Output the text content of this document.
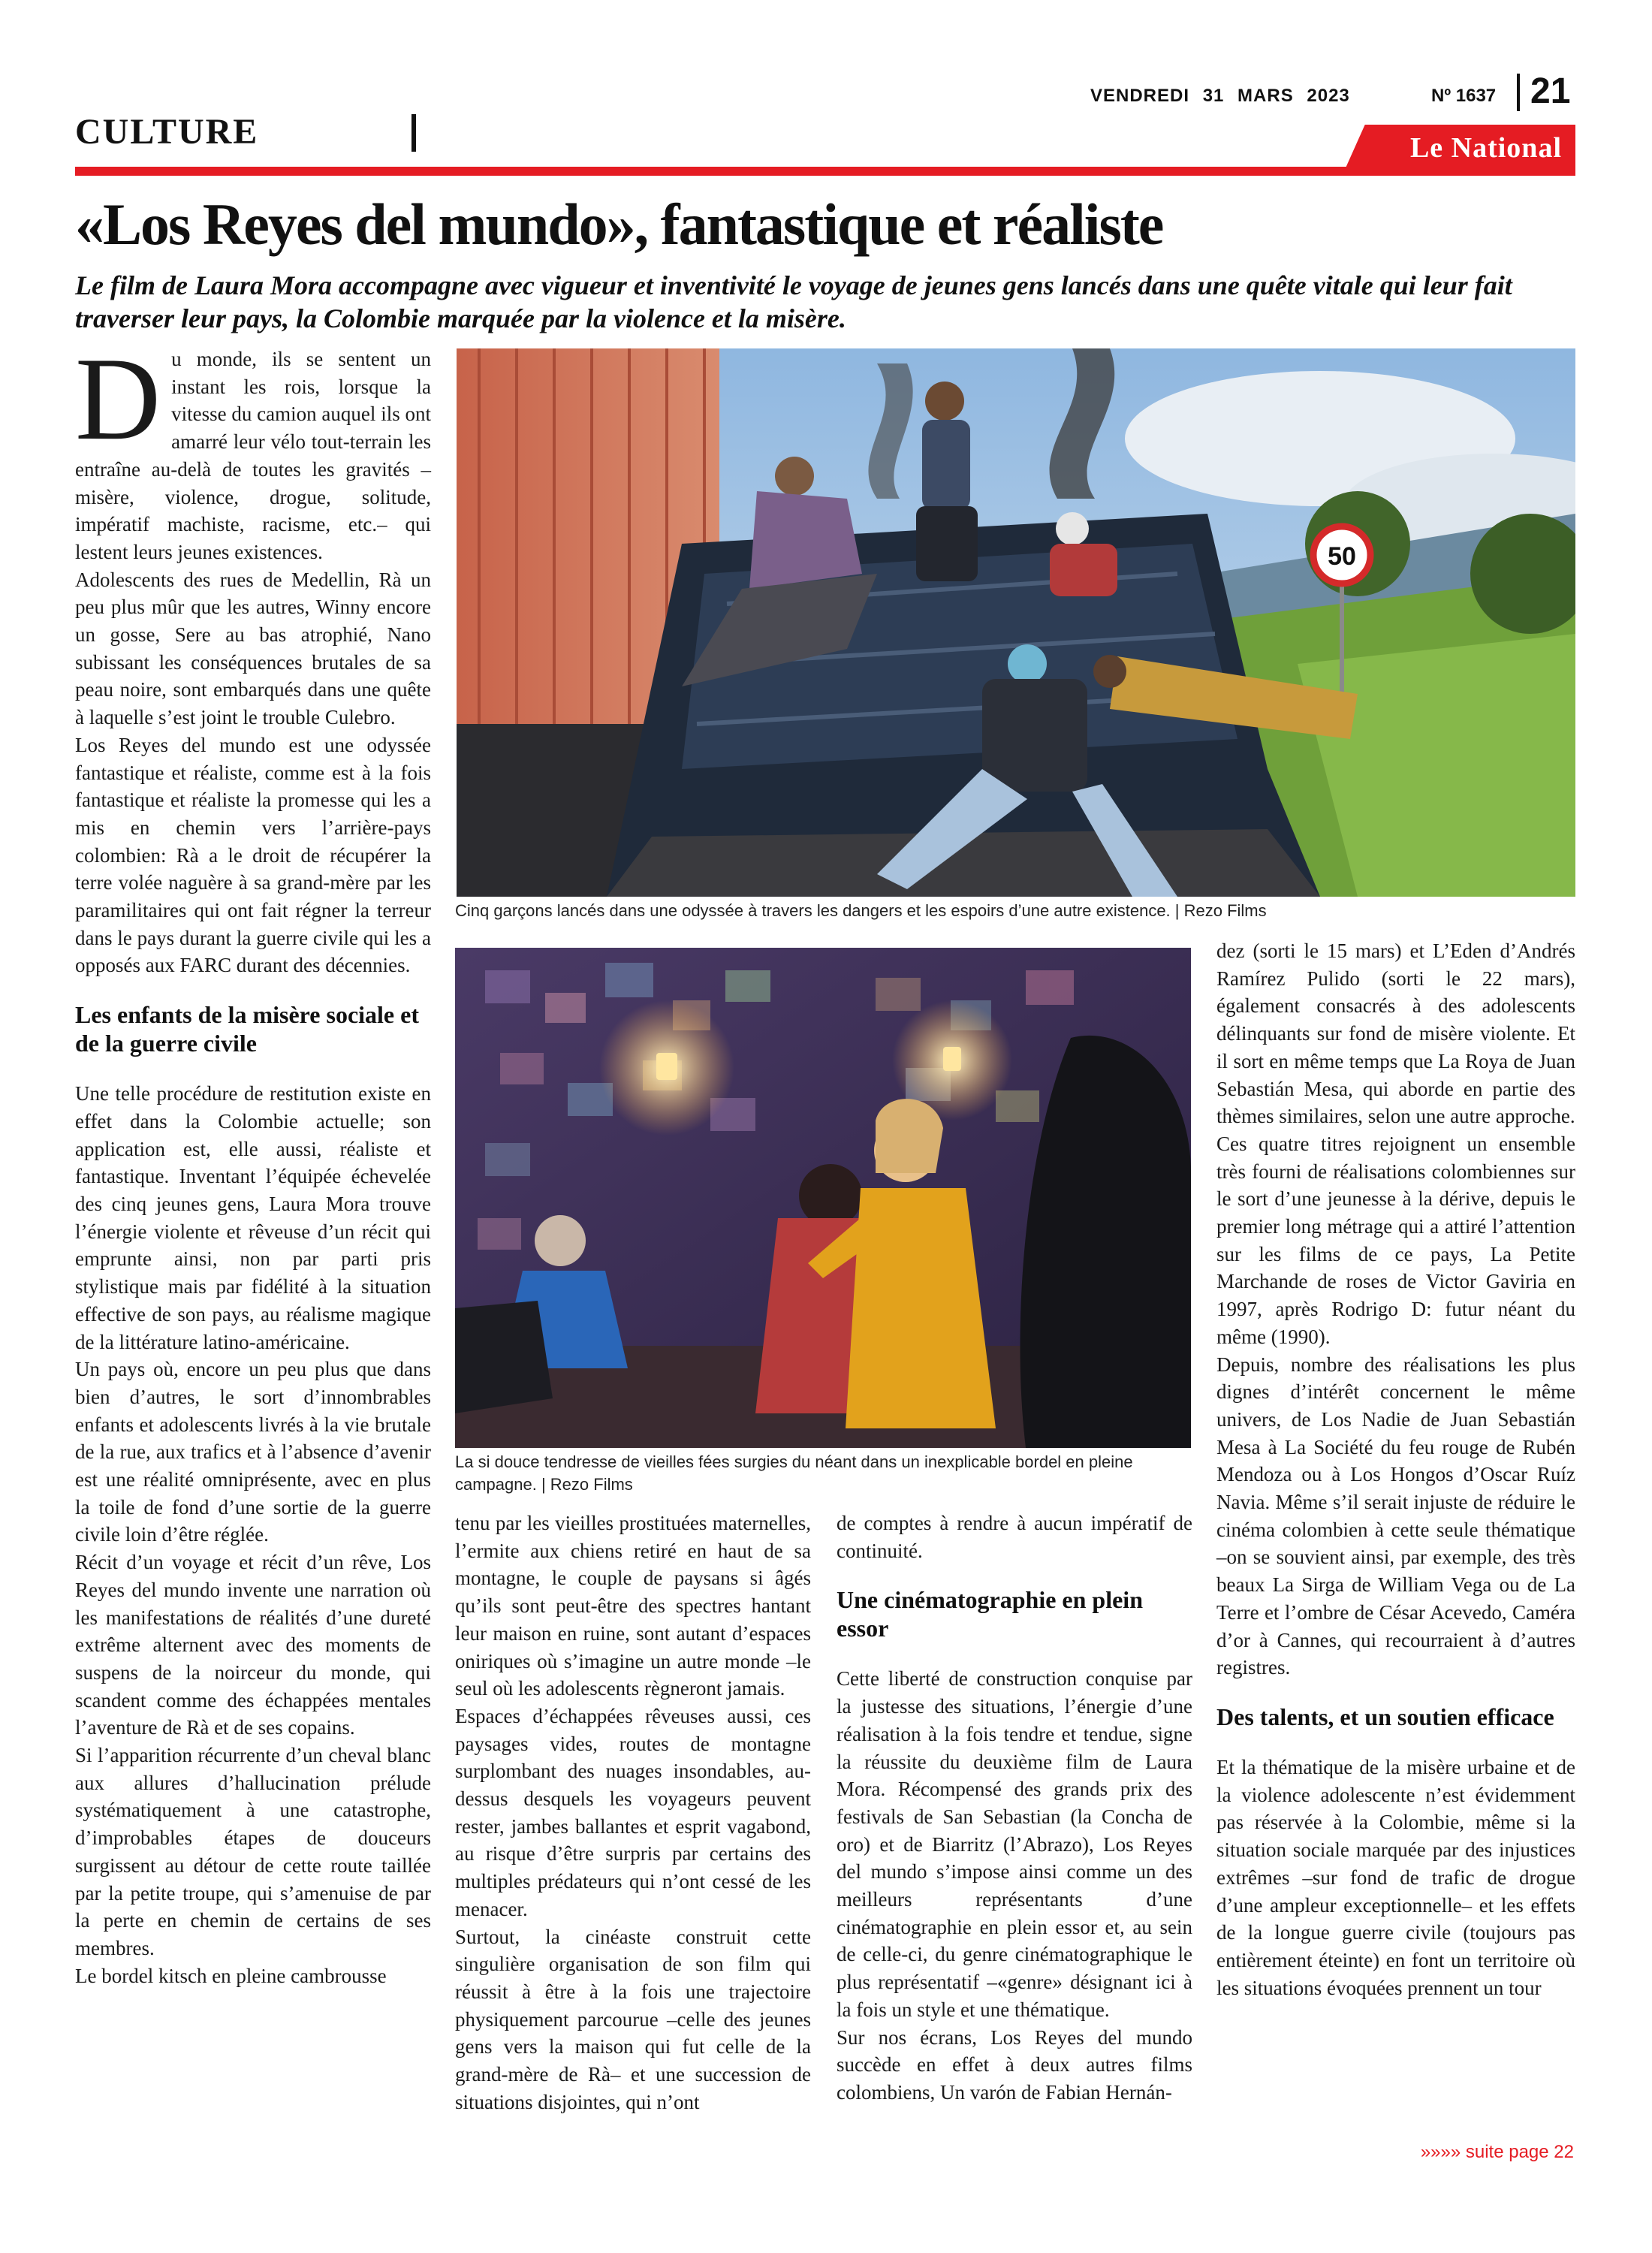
CULTURE
VENDREDI 31 MARS 2023	Nº 1637 21
Le National
«Los Reyes del mundo», fantastique et réaliste
Le film de Laura Mora accompagne avec vigueur et inventivité le voyage de jeunes gens lancés dans une quête vitale qui leur fait traverser leur pays, la Colombie marquée par la violence et la misère.

Du monde, ils se sentent un instant les rois, lorsque la vitesse du camion auquel ils ont amarré leur vélo tout-terrain les entraîne au-delà de toutes les gravités –misère, violence, drogue, solitude, impératif machiste, racisme, etc.– qui lestent leurs jeunes existences.

Adolescents des rues de Medellin, Rà un peu plus mûr que les autres, Winny encore un gosse, Sere au bas atrophié, Nano subissant les conséquences brutales de sa peau noire, sont embarqués dans une quête à laquelle s’est joint le trouble Culebro.

Los Reyes del mundo est une odyssée fantastique et réaliste, comme est à la fois fantastique et réaliste la promesse qui les a mis en chemin vers l’arrière-pays colombien: Rà a le droit de récupérer la terre volée naguère à sa grand-mère par les paramilitaires qui ont fait régner la terreur dans le pays durant la guerre civile qui les a opposés aux FARC durant des décennies.

Les enfants de la misère sociale et de la guerre civile

Une telle procédure de restitution existe en effet dans la Colombie actuelle; son application est, elle aussi, réaliste et fantastique. Inventant l’équipée échevelée des cinq jeunes gens, Laura Mora trouve l’énergie violente et rêveuse d’un récit qui emprunte ainsi, non par parti pris stylistique mais par fidélité à la situation effective de son pays, au réalisme magique de la littérature latino-américaine.

Un pays où, encore un peu plus que dans bien d’autres, le sort d’innombrables enfants et adolescents livrés à la vie brutale de la rue, aux trafics et à l’absence d’avenir est une réalité omniprésente, avec en plus la toile de fond d’une sortie de la guerre civile loin d’être réglée.

Récit d’un voyage et récit d’un rêve, Los Reyes del mundo invente une narration où les manifestations de réalités d’une dureté extrême alternent avec des moments de suspens de la noirceur du monde, qui scandent comme des échappées mentales l’aventure de Rà et de ses copains.

Si l’apparition récurrente d’un cheval blanc aux allures d’hallucination prélude systématiquement à une catastrophe, d’improbables étapes de douceurs surgissent au détour de cette route taillée par la petite troupe, qui s’amenuise de par la perte en chemin de certains de ses membres.

Le bordel kitsch en pleine cambrousse

50
Cinq garçons lancés dans une odyssée à travers les dangers et les espoirs d’une autre existence. | Rezo Films
La si douce tendresse de vieilles fées surgies du néant dans un inexplicable bordel en pleine campagne. | Rezo Films

tenu par les vieilles prostituées maternelles, l’ermite aux chiens retiré en haut de sa montagne, le couple de paysans si âgés qu’ils sont peut-être des spectres hantant leur maison en ruine, sont autant d’espaces oniriques où s’imagine un autre monde –le seul où les adolescents règneront jamais.

Espaces d’échappées rêveuses aussi, ces paysages vides, routes de montagne surplombant des nuages insondables, au-dessus desquels les voyageurs peuvent rester, jambes ballantes et esprit vagabond, au risque d’être surpris par certains des multiples prédateurs qui n’ont cessé de les menacer.

Surtout, la cinéaste construit cette singulière organisation de son film qui réussit à être à la fois une trajectoire physiquement parcourue –celle des jeunes gens vers la maison qui fut celle de la grand-mère de Rà– et une succession de situations disjointes, qui n’ont

de comptes à rendre à aucun impératif de continuité.

Une cinématographie en plein essor

Cette liberté de construction conquise par la justesse des situations, l’énergie d’une réalisation à la fois tendre et tendue, signe la réussite du deuxième film de Laura Mora. Récompensé des grands prix des festivals de San Sebastian (la Concha de oro) et de Biarritz (l’Abrazo), Los Reyes del mundo s’impose ainsi comme un des meilleurs représentants d’une cinématographie en plein essor et, au sein de celle-ci, du genre cinématographique le plus représentatif –«genre» désignant ici à la fois un style et une thématique.

Sur nos écrans, Los Reyes del mundo succède en effet à deux autres films colombiens, Un varón de Fabian Hernán-

dez (sorti le 15 mars) et L’Eden d’Andrés Ramírez Pulido (sorti le 22 mars), également consacrés à des adolescents délinquants sur fond de misère violente. Et il sort en même temps que La Roya de Juan Sebastián Mesa, qui aborde en partie des thèmes similaires, selon une autre approche.

Ces quatre titres rejoignent un ensemble très fourni de réalisations colombiennes sur le sort d’une jeunesse à la dérive, depuis le premier long métrage qui a attiré l’attention sur les films de ce pays, La Petite Marchande de roses de Victor Gaviria en 1997, après Rodrigo D: futur néant du même (1990).

Depuis, nombre des réalisations les plus dignes d’intérêt concernent le même univers, de Los Nadie de Juan Sebastián Mesa à La Société du feu rouge de Rubén Mendoza ou à Los Hongos d’Oscar Ruíz Navia. Même s’il serait injuste de réduire le cinéma colombien à cette seule thématique –on se souvient ainsi, par exemple, des très beaux La Sirga de William Vega ou de La Terre et l’ombre de César Acevedo, Caméra d’or à Cannes, qui recourraient à d’autres registres.

Des talents, et un soutien efficace

Et la thématique de la misère urbaine et de la violence adolescente n’est évidemment pas réservée à la Colombie, même si la situation sociale marquée par des injustices extrêmes –sur fond de trafic de drogue d’une ampleur exceptionnelle– et les effets de la longue guerre civile (toujours pas entièrement éteinte) en font un territoire où les situations évoquées prennent un tour

»»»» suite page 22
